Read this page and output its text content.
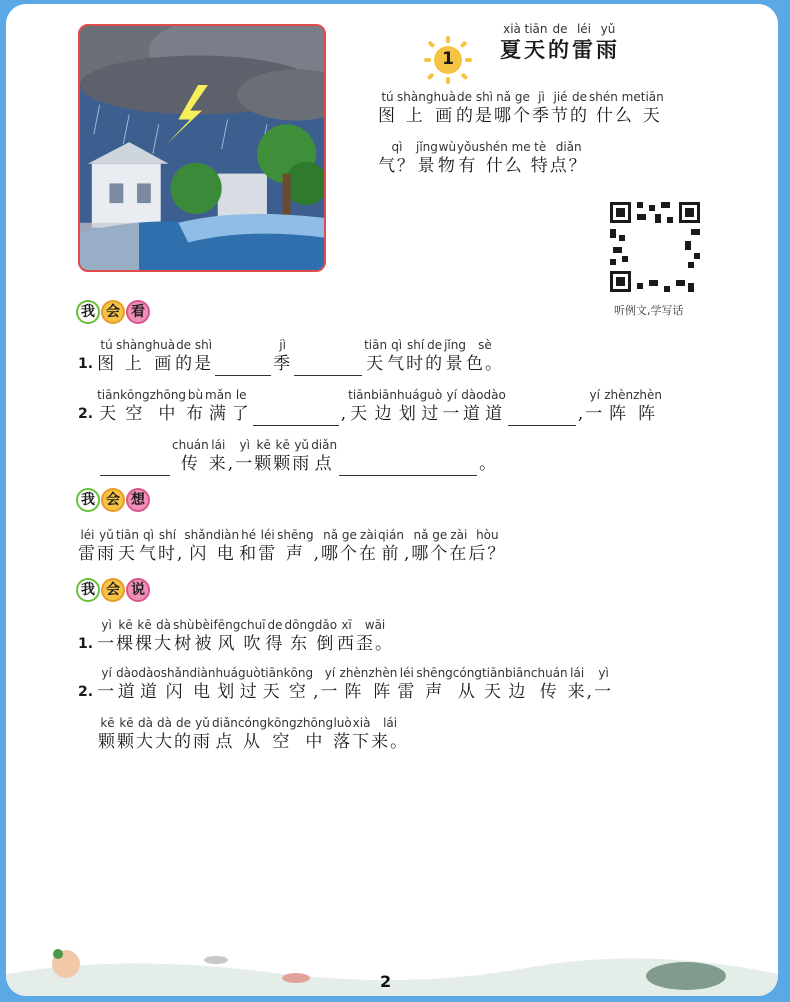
1
xià
夏
tiān
天
de
的
léi
雷
yǔ
雨
tú
图
shàng
上
huà
画
de shì
的是
nǎ ge
哪个
jì
季
jié
节
de
的
shén me
什么
tiān
天
qì
气？
jǐng
景
wù
物
yǒu
有
shén me
什么
tè
特
diǎn
点？
听例文,学写话
我 会 看
1.
tú
图
shàng
上
huà
画
de shì
的是
jì
季
tiān
天
qì
气
shí
时
de
的
jǐng
景
sè
色。
2.
tiān
天
kōng
空
zhōng
中
bù
布
mǎn
满
le
了	,
tiān
天
biān
边
huá
划
guò
过
yí
一
dào
道
dào
道	,
yí
一
zhèn
阵
zhèn
阵
chuán
传
lái
来 ,
yì
一
kē
颗
kē
颗
yǔ
雨
diǎn
点	。
我 会 想
léi
雷
yǔ
雨
tiān
天
qì
气
shí
时 ,
shǎn
闪
diàn
电
hé
和
léi
雷
shēng
声 ,
nǎ ge
哪个
zài
在
qián
前 ,
nǎ ge
哪个
zài
在
hòu
后？
我 会 说
1.
yì
一
kē
棵
kē
棵
dà
大
shù
树
bèi
被
fēng
风
chuī
吹
de
得
dōng
东
dǎo
倒
xī
西
wāi
歪。
2.
yí
一
dào
道
dào
道
shǎn
闪
diàn
电
huá
划
guò
过
tiān
天
kōng
空 ,
yí
一
zhèn
阵
zhèn
阵
léi
雷
shēng
声
cóng
从
tiān
天
biān
边
chuán
传
lái
来 ,
yì
一
kē
颗
kē
颗
dà
大
dà
大
de
的
yǔ
雨
diǎn
点
cóng
从
kōng
空
zhōng
中
luò
落
xià
下
lái
来。
2
